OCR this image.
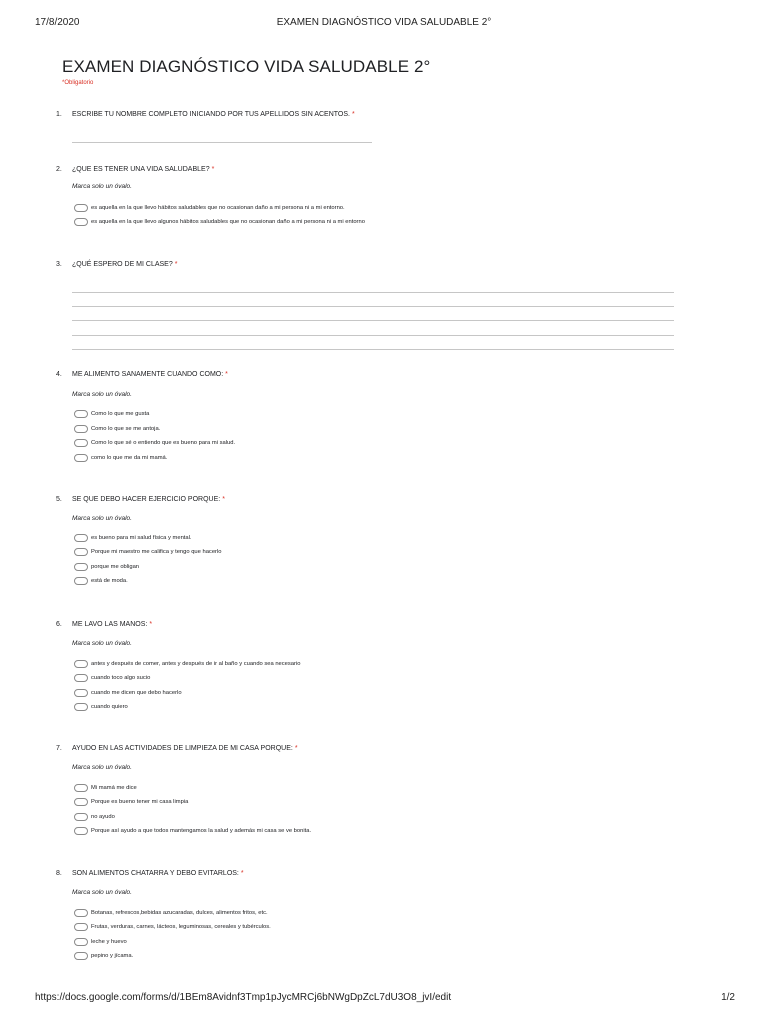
17/8/2020	EXAMEN DIAGNÓSTICO VIDA SALUDABLE 2°
EXAMEN DIAGNÓSTICO VIDA SALUDABLE 2°
*Obligatorio
1. ESCRIBE TU NOMBRE COMPLETO INICIANDO POR TUS APELLIDOS SIN ACENTOS. *
2. ¿QUE ES TENER UNA VIDA SALUDABLE? *
Marca solo un óvalo.
es aquella en la que llevo hábitos saludables que no ocasionan daño a mi persona ni a mi entorno.
es aquella en la que llevo algunos hábitos saludables que no ocasionan daño a mi persona ni a mi entorno
3. ¿QUÉ ESPERO DE MI CLASE? *
4. ME ALIMENTO SANAMENTE CUANDO COMO: *
Marca solo un óvalo.
Como lo que me gusta
Como lo que se me antoja.
Como lo que sé o entiendo que es bueno para mi salud.
como lo que me da mi mamá.
5. SE QUE DEBO HACER EJERCICIO PORQUE: *
Marca solo un óvalo.
es bueno para mi salud física y mental.
Porque mi maestro me califica y tengo que hacerlo
porque me obligan
está de moda.
6. ME LAVO LAS MANOS: *
Marca solo un óvalo.
antes y después de comer, antes y después de ir al baño y cuando sea necesario
cuando toco algo sucio
cuando me dicen que debo hacerlo
cuando quiero
7. AYUDO EN LAS ACTIVIDADES DE LIMPIEZA DE MI CASA PORQUE: *
Marca solo un óvalo.
Mi mamá me dice
Porque es bueno tener mi casa limpia
no ayudo
Porque así ayudo a que todos mantengamos la salud y además mi casa se ve bonita.
8. SON ALIMENTOS CHATARRA Y DEBO EVITARLOS: *
Marca solo un óvalo.
Botanas, refrescos,bebidas azucaradas, dulces, alimentos fritos, etc.
Frutas, verduras, carnes, lácteos, leguminosas, cereales y tubérculos.
leche y huevo
pepino y jícama.
https://docs.google.com/forms/d/1BEm8Avidnf3Tmp1pJycMRCj6bNWgDpZcL7dU3O8_jvI/edit	1/2
